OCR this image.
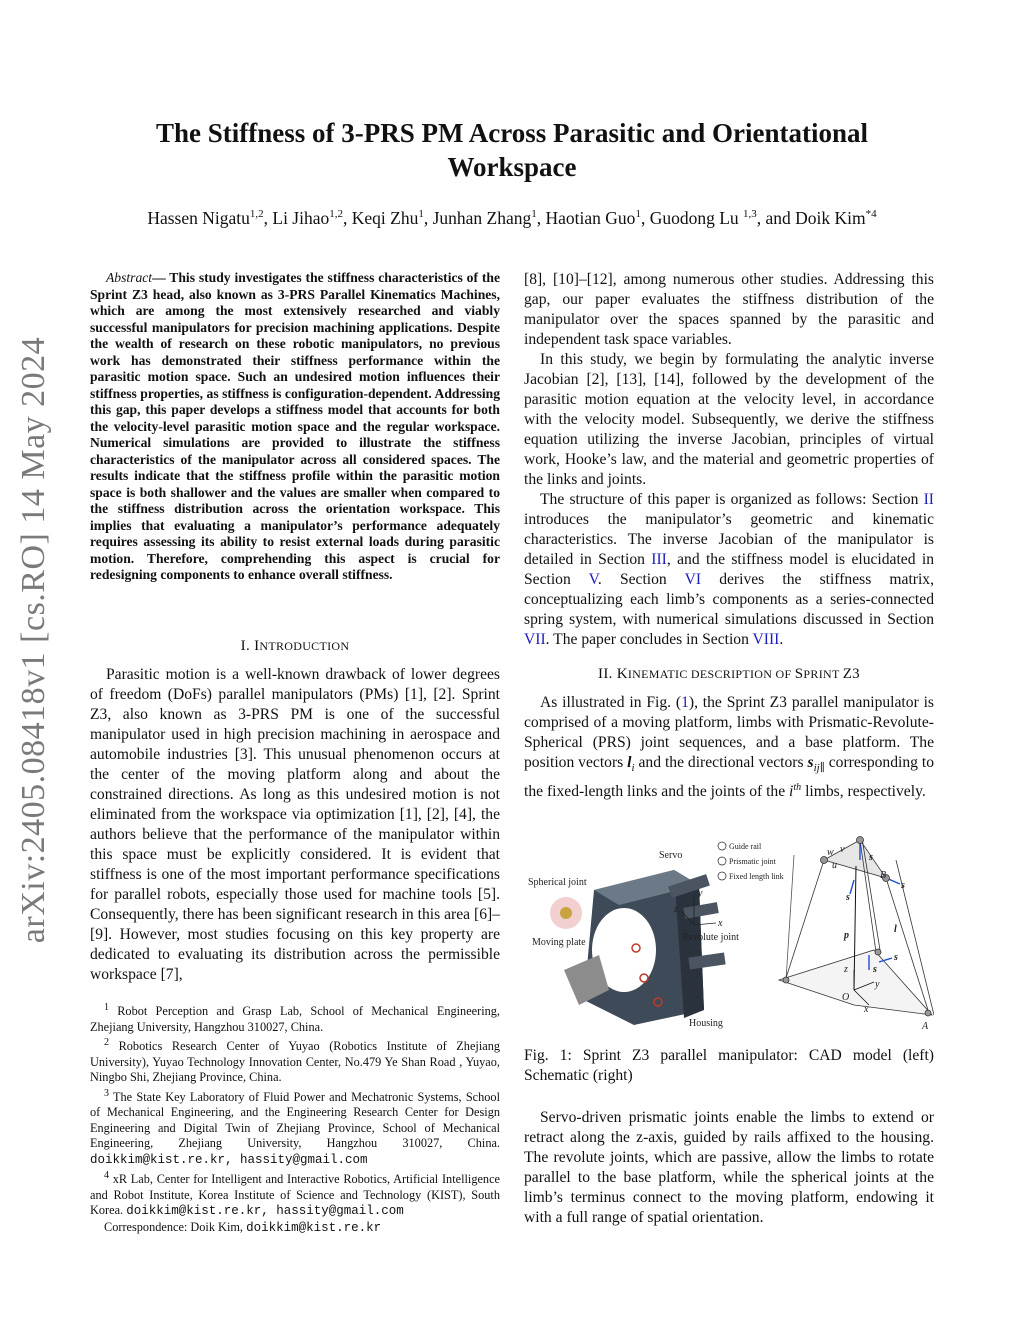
arXiv:2405.08418v1 [cs.RO] 14 May 2024
The Stiffness of 3-PRS PM Across Parasitic and Orientational
Workspace
Hassen Nigatu$^{1,2}$, Li Jihao$^{1,2}$, Keqi Zhu$^1$, Junhan Zhang$^1$, Haotian Guo$^1$, Guodong Lu $^{1,3}$, and Doik Kim$^{*4}$

Abstract— This study investigates the stiffness characteristics of the Sprint Z3 head, also known as 3-PRS Parallel Kinematics Machines, which are among the most extensively researched and viably successful manipulators for precision machining applications. Despite the wealth of research on these robotic manipulators, no previous work has demonstrated their stiffness performance within the parasitic motion space. Such an undesired motion influences their stiffness properties, as stiffness is configuration-dependent. Addressing this gap, this paper develops a stiffness model that accounts for both the velocity-level parasitic motion space and the regular workspace. Numerical simulations are provided to illustrate the stiffness characteristics of the manipulator across all considered spaces. The results indicate that the stiffness profile within the parasitic motion space is both shallower and the values are smaller when compared to the stiffness distribution across the orientation workspace. This implies that evaluating a manipulator’s performance adequately requires assessing its ability to resist external loads during parasitic motion. Therefore, comprehending this aspect is crucial for redesigning components to enhance overall stiffness.

I. INTRODUCTION

Parasitic motion is a well-known drawback of lower degrees of freedom (DoFs) parallel manipulators (PMs) [1], [2]. Sprint Z3, also known as 3-PRS PM is one of the successful manipulator used in high precision machining in aerospace and automobile industries [3]. This unusual phenomenon occurs at the center of the moving platform along and about the constrained directions. As long as this undesired motion is not eliminated from the workspace via optimization [1], [2], [4], the authors believe that the performance of the manipulator within this space must be explicitly considered. It is evident that stiffness is one of the most important performance specifications for parallel robots, especially those used for machine tools [5]. Consequently, there has been significant research in this area [6]–[9]. However, most studies focusing on this key property are dedicated to evaluating its distribution across the permissible workspace [7],

$^1$ Robot Perception and Grasp Lab, School of Mechanical Engineering, Zhejiang University, Hangzhou 310027, China.

$^2$ Robotics Research Center of Yuyao (Robotics Institute of Zhejiang University), Yuyao Technology Innovation Center, No.479 Ye Shan Road , Yuyao, Ningbo Shi, Zhejiang Province, China.

$^3$ The State Key Laboratory of Fluid Power and Mechatronic Systems, School of Mechanical Engineering, and the Engineering Research Center for Design Engineering and Digital Twin of Zhejiang Province, School of Mechanical Engineering, Zhejiang University, Hangzhou 310027, China. doikkim@kist.re.kr, hassity@gmail.com

$^4$ xR Lab, Center for Intelligent and Interactive Robotics, Artificial Intelligence and Robot Institute, Korea Institute of Science and Technology (KIST), South Korea. doikkim@kist.re.kr, hassity@gmail.com

Correspondence: Doik Kim, doikkim@kist.re.kr

[8], [10]–[12], among numerous other studies. Addressing this gap, our paper evaluates the stiffness distribution of the manipulator over the spaces spanned by the parasitic and independent task space variables.

In this study, we begin by formulating the analytic inverse Jacobian [2], [13], [14], followed by the development of the parasitic motion equation at the velocity level, in accordance with the velocity model. Subsequently, we derive the stiffness equation utilizing the inverse Jacobian, principles of virtual work, Hooke’s law, and the material and geometric properties of the links and joints.

The structure of this paper is organized as follows: Section II introduces the manipulator’s geometric and kinematic characteristics. The inverse Jacobian of the manipulator is detailed in Section III, and the stiffness model is elucidated in Section V. Section VI derives the stiffness matrix, conceptualizing each limb’s components as a series-connected spring system, with numerical simulations discussed in Section VII. The paper concludes in Section VIII.

II. KINEMATIC DESCRIPTION OF SPRINT Z3

As illustrated in Fig. (1), the Sprint Z3 parallel manipulator is comprised of a moving platform, limbs with Prismatic-Revolute-Spherical (PRS) joint sequences, and a base platform. The position vectors $l_i$ and the directional vectors $s_{ij\parallel}$ corresponding to the fixed-length links and the joints of the $i^{th}$ limbs, respectively.

Servo
Spherical joint
Moving plate	Revolute joint
Housing
y
x
z
Guide rail
Prismatic joint
Fixed length link
p
l
B
A
O
x
y
z
s
s
s
s
s
w v
u

Fig. 1: Sprint Z3 parallel manipulator: CAD model (left) Schematic (right)

Servo-driven prismatic joints enable the limbs to extend or retract along the z-axis, guided by rails affixed to the housing. The revolute joints, which are passive, allow the limbs to rotate parallel to the base platform, while the spherical joints at the limb’s terminus connect to the moving platform, endowing it with a full range of spatial orientation.
